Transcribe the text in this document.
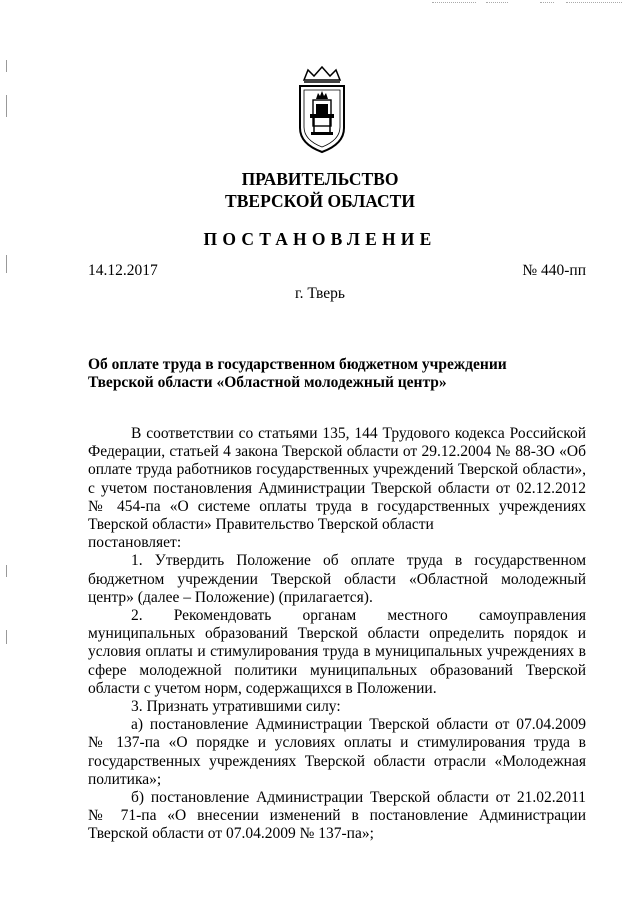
ПРАВИТЕЛЬСТВО
ТВЕРСКОЙ ОБЛАСТИ
ПОСТАНОВЛЕНИЕ
14.12.2017	№ 440-пп
г. Тверь
Об оплате труда в государственном бюджетном учреждении
Тверской области «Областной молодежный центр»

В соответствии со статьями 135, 144 Трудового кодекса Российской Федерации, статьей 4 закона Тверской области от 29.12.2004 № 88-ЗО «Об оплате труда работников государственных учреждений Тверской области», с учетом постановления Администрации Тверской области от 02.12.2012 № 454-па «О системе оплаты труда в государственных учреждениях Тверской области» Правительство Тверской области

постановляет:

1. Утвердить Положение об оплате труда в государственном бюджетном учреждении Тверской области «Областной молодежный центр» (далее – Положение) (прилагается).

2. Рекомендовать органам местного самоуправления муниципальных образований Тверской области определить порядок и условия оплаты и стимулирования труда в муниципальных учреждениях в сфере молодежной политики муниципальных образований Тверской области с учетом норм, содержащихся в Положении.

3. Признать утратившими силу:

а) постановление Администрации Тверской области от 07.04.2009 № 137-па «О порядке и условиях оплаты и стимулирования труда в государственных учреждениях Тверской области отрасли «Молодежная политика»;

б) постановление Администрации Тверской области от 21.02.2011 № 71-па «О внесении изменений в постановление Администрации Тверской области от 07.04.2009 № 137-па»;
